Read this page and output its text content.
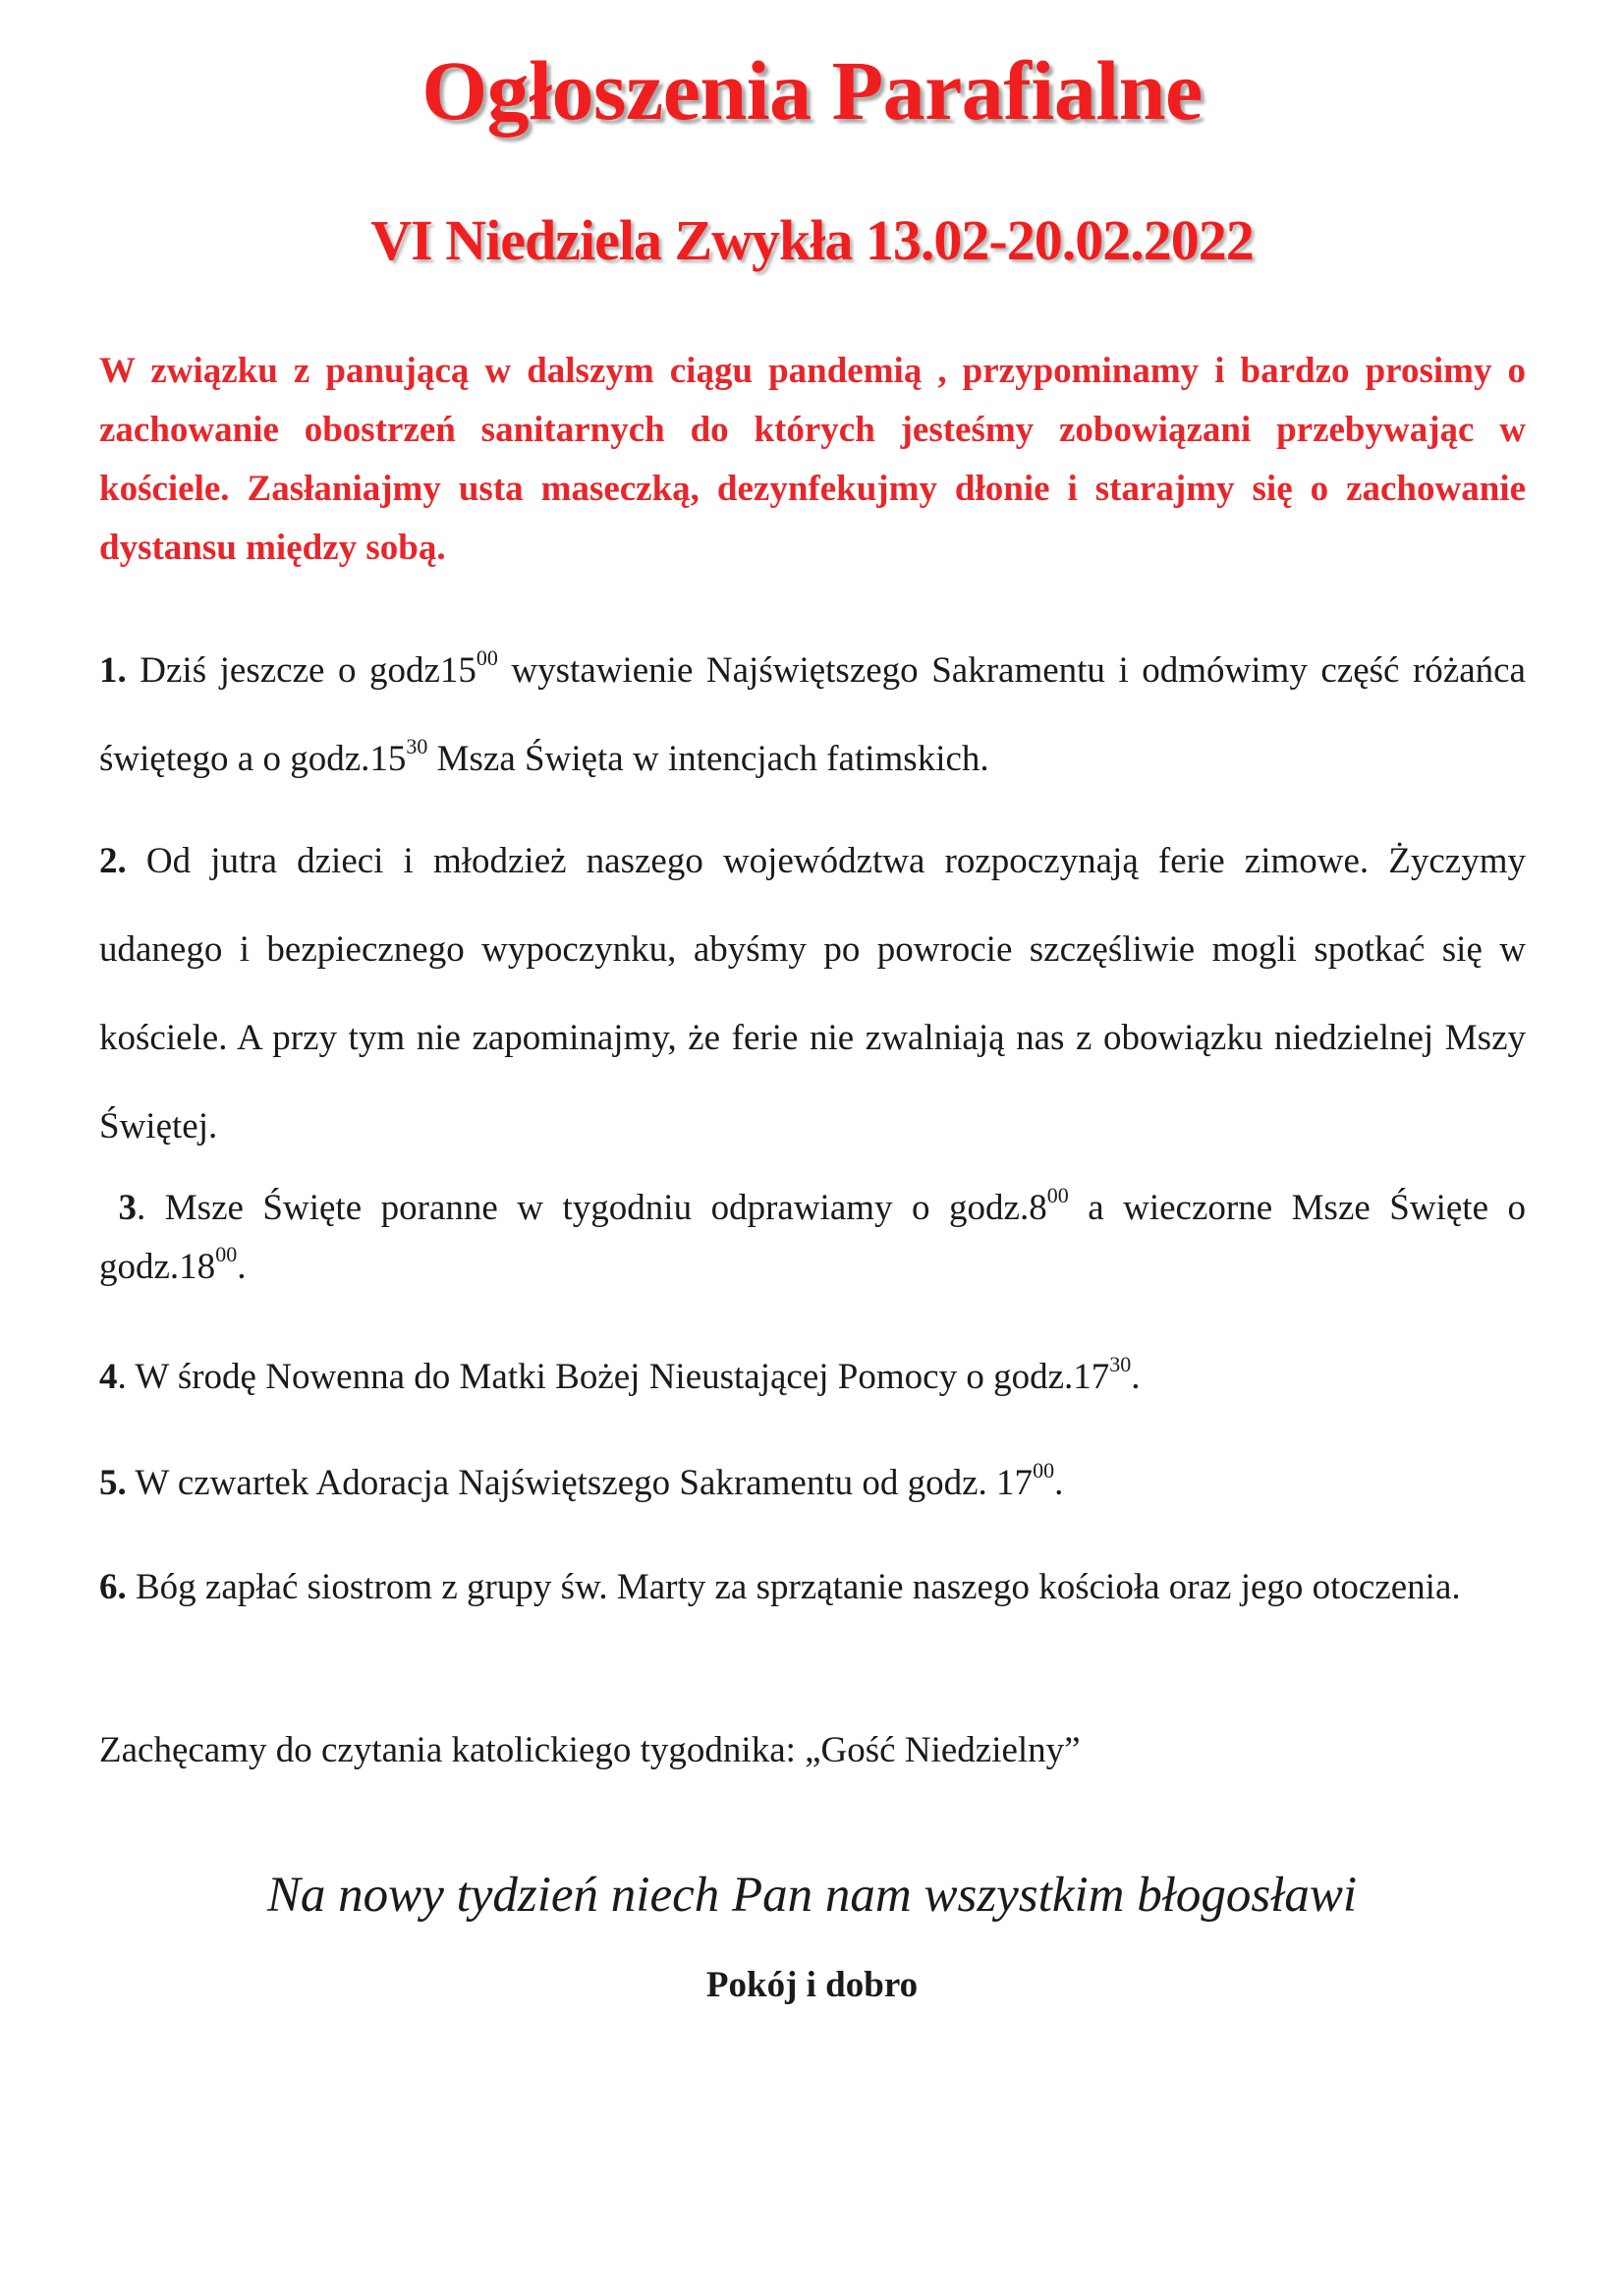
Ogłoszenia Parafialne
VI Niedziela Zwykła 13.02-20.02.2022
W związku z panującą w dalszym ciągu pandemią , przypominamy i bardzo prosimy o zachowanie obostrzeń sanitarnych do których jesteśmy zobowiązani przebywając w kościele. Zasłaniajmy usta maseczką, dezynfekujmy dłonie i starajmy się o zachowanie dystansu między sobą.
1. Dziś jeszcze o $godz15^{00}$ wystawienie Najświętszego Sakramentu i odmówimy część różańca świętego a o $godz.15^{30}$ Msza Święta w intencjach fatimskich.
2. Od jutra dzieci i młodzież naszego województwa rozpoczynają ferie zimowe. Życzymy udanego i bezpiecznego wypoczynku, abyśmy po powrocie szczęśliwie mogli spotkać się w kościele. A przy tym nie zapominajmy, że ferie nie zwalniają nas z obowiązku niedzielnej Mszy Świętej.
3. Msze Święte poranne w tygodniu odprawiamy o $godz.8^{00}$ a wieczorne Msze Święte o $godz.18^{00}$.
4. W środę Nowenna do Matki Bożej Nieustającej Pomocy o $godz.17^{30}$.
5. W czwartek Adoracja Najświętszego Sakramentu od godz. $17^{00}$.
6. Bóg zapłać siostrom z grupy św. Marty za sprzątanie naszego kościoła oraz jego otoczenia.
Zachęcamy do czytania katolickiego tygodnika: „Gość Niedzielny”
Na nowy tydzień niech Pan nam wszystkim błogosławi
Pokój i dobro
